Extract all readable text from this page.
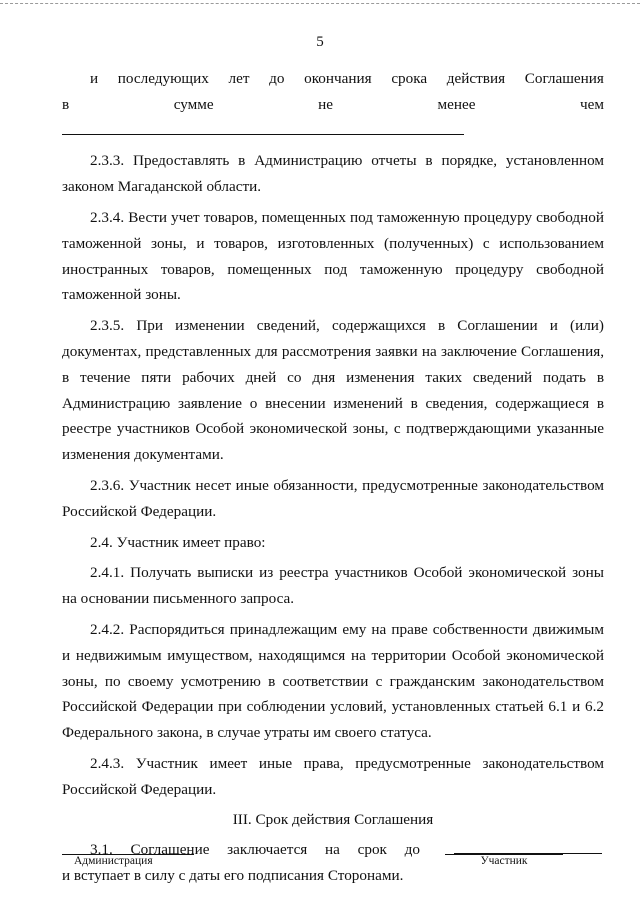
5
и последующих лет до окончания срока действия Соглашения

в сумме не менее чем

2.3.3. Предоставлять в Администрацию отчеты в порядке, установленном законом Магаданской области.

2.3.4. Вести учет товаров, помещенных под таможенную процедуру свободной таможенной зоны, и товаров, изготовленных (полученных) с использованием иностранных товаров, помещенных под таможенную процедуру свободной таможенной зоны.

2.3.5. При изменении сведений, содержащихся в Соглашении и (или) документах, представленных для рассмотрения заявки на заключение Соглашения, в течение пяти рабочих дней со дня изменения таких сведений подать в Администрацию заявление о внесении изменений в сведения, содержащиеся в реестре участников Особой экономической зоны, с подтверждающими указанные изменения документами.

2.3.6. Участник несет иные обязанности, предусмотренные законодательством Российской Федерации.

2.4. Участник имеет право:

2.4.1. Получать выписки из реестра участников Особой экономической зоны на основании письменного запроса.

2.4.2. Распорядиться принадлежащим ему на праве собственности движимым и недвижимым имуществом, находящимся на территории Особой экономической зоны, по своему усмотрению в соответствии с гражданским законодательством Российской Федерации при соблюдении условий, установленных статьей 6.1 и 6.2 Федерального закона, в случае утраты им своего статуса.

2.4.3. Участник имеет иные права, предусмотренные законодательством Российской Федерации.

III. Срок действия Соглашения

3.1. Соглашение заключается на срок до

и вступает в силу с даты его подписания Сторонами.

Администрация	Участник
